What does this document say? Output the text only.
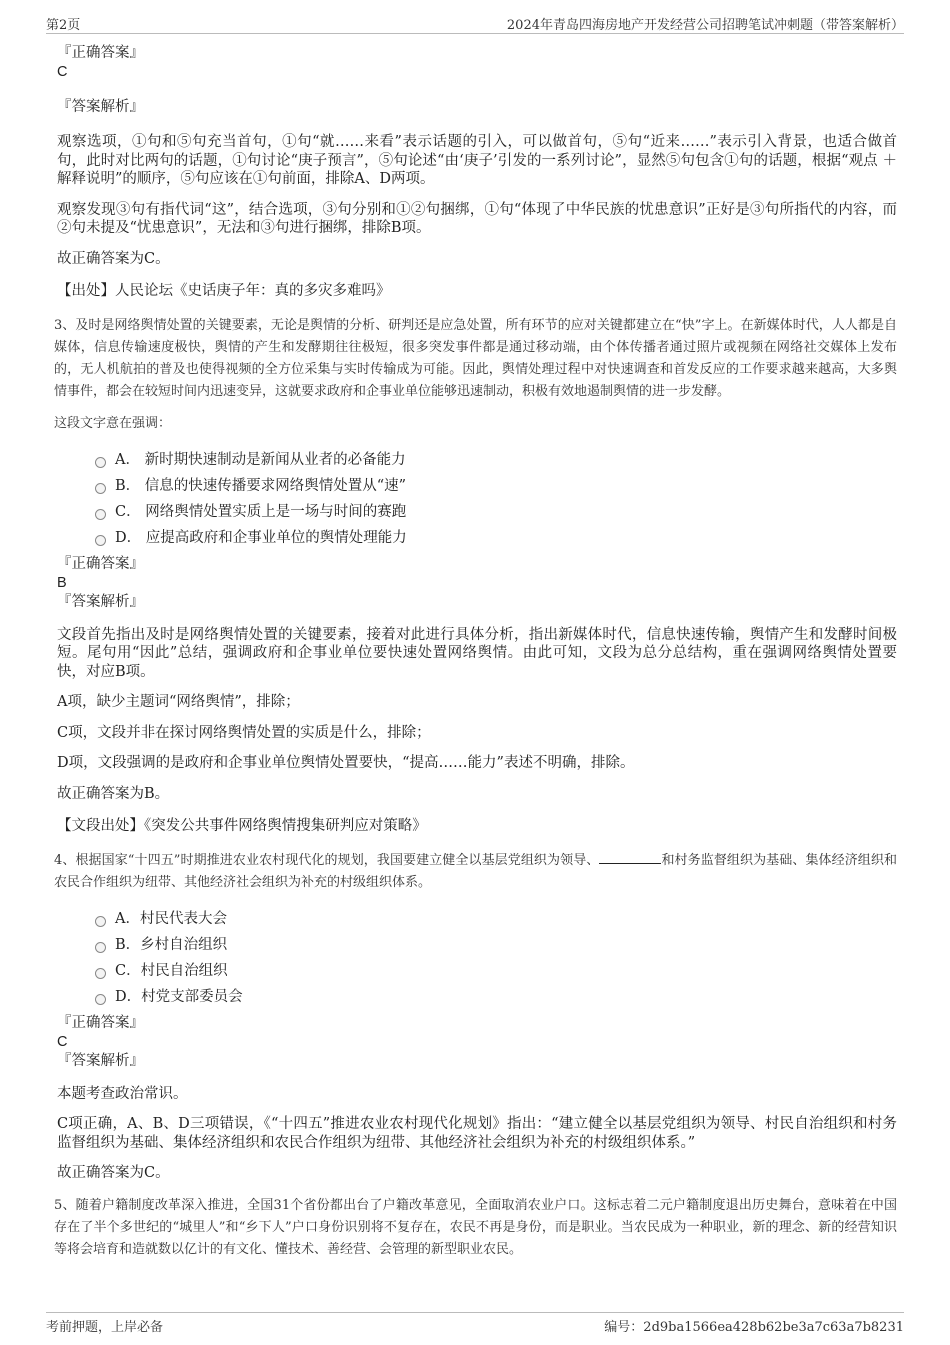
第2页	2024年青岛四海房地产开发经营公司招聘笔试冲刺题（带答案解析）
『正确答案』
C
『答案解析』
观察选项，①句和⑤句充当首句，①句“就……来看”表示话题的引入，可以做首句，⑤句“近来……”表示引入背景，也适合做首句，此时对比两句的话题，①句讨论“庚子预言”，⑤句论述“由‘庚子’引发的一系列讨论”，显然⑤句包含①句的话题，根据“观点 ＋ 解释说明”的顺序，⑤句应该在①句前面，排除A、D两项。
观察发现③句有指代词“这”，结合选项，③句分别和①②句捆绑，①句“体现了中华民族的忧患意识”正好是③句所指代的内容，而②句未提及“忧患意识”，无法和③句进行捆绑，排除B项。
故正确答案为C。
【出处】人民论坛《史话庚子年：真的多灾多难吗》
3、及时是网络舆情处置的关键要素，无论是舆情的分析、研判还是应急处置，所有环节的应对关键都建立在“快”字上。在新媒体时代，人人都是自媒体，信息传输速度极快，舆情的产生和发酵期往往极短，很多突发事件都是通过移动端，由个体传播者通过照片或视频在网络社交媒体上发布的，无人机航拍的普及也使得视频的全方位采集与实时传输成为可能。因此，舆情处理过程中对快速调查和首发反应的工作要求越来越高，大多舆情事件，都会在较短时间内迅速变异，这就要求政府和企事业单位能够迅速制动，积极有效地遏制舆情的进一步发酵。
这段文字意在强调：
A． 新时期快速制动是新闻从业者的必备能力
B． 信息的快速传播要求网络舆情处置从“速”
C． 网络舆情处置实质上是一场与时间的赛跑
D． 应提高政府和企事业单位的舆情处理能力
『正确答案』
B
『答案解析』
文段首先指出及时是网络舆情处置的关键要素，接着对此进行具体分析，指出新媒体时代，信息快速传输，舆情产生和发酵时间极短。尾句用“因此”总结，强调政府和企事业单位要快速处置网络舆情。由此可知，文段为总分总结构，重在强调网络舆情处置要快，对应B项。
A项，缺少主题词“网络舆情”，排除；
C项，文段并非在探讨网络舆情处置的实质是什么，排除；
D项，文段强调的是政府和企事业单位舆情处置要快，“提高……能力”表述不明确，排除。
故正确答案为B。
【文段出处】《突发公共事件网络舆情搜集研判应对策略》
4、根据国家“十四五”时期推进农业农村现代化的规划，我国要建立健全以基层党组织为领导、	和村务监督组织为基础、集体经济组织和农民合作组织为纽带、其他经济社会组织为补充的村级组织体系。
A．村民代表大会
B．乡村自治组织
C．村民自治组织
D．村党支部委员会
『正确答案』
C
『答案解析』
本题考查政治常识。
C项正确，A、B、D三项错误，《“十四五”推进农业农村现代化规划》指出：“建立健全以基层党组织为领导、村民自治组织和村务监督组织为基础、集体经济组织和农民合作组织为纽带、其他经济社会组织为补充的村级组织体系。”
故正确答案为C。
5、随着户籍制度改革深入推进，全国31个省份都出台了户籍改革意见，全面取消农业户口。这标志着二元户籍制度退出历史舞台，意味着在中国存在了半个多世纪的“城里人”和“乡下人”户口身份识别将不复存在，农民不再是身份，而是职业。当农民成为一种职业，新的理念、新的经营知识等将会培育和造就数以亿计的有文化、懂技术、善经营、会管理的新型职业农民。
考前押题，上岸必备	编号：2d9ba1566ea428b62be3a7c63a7b8231
